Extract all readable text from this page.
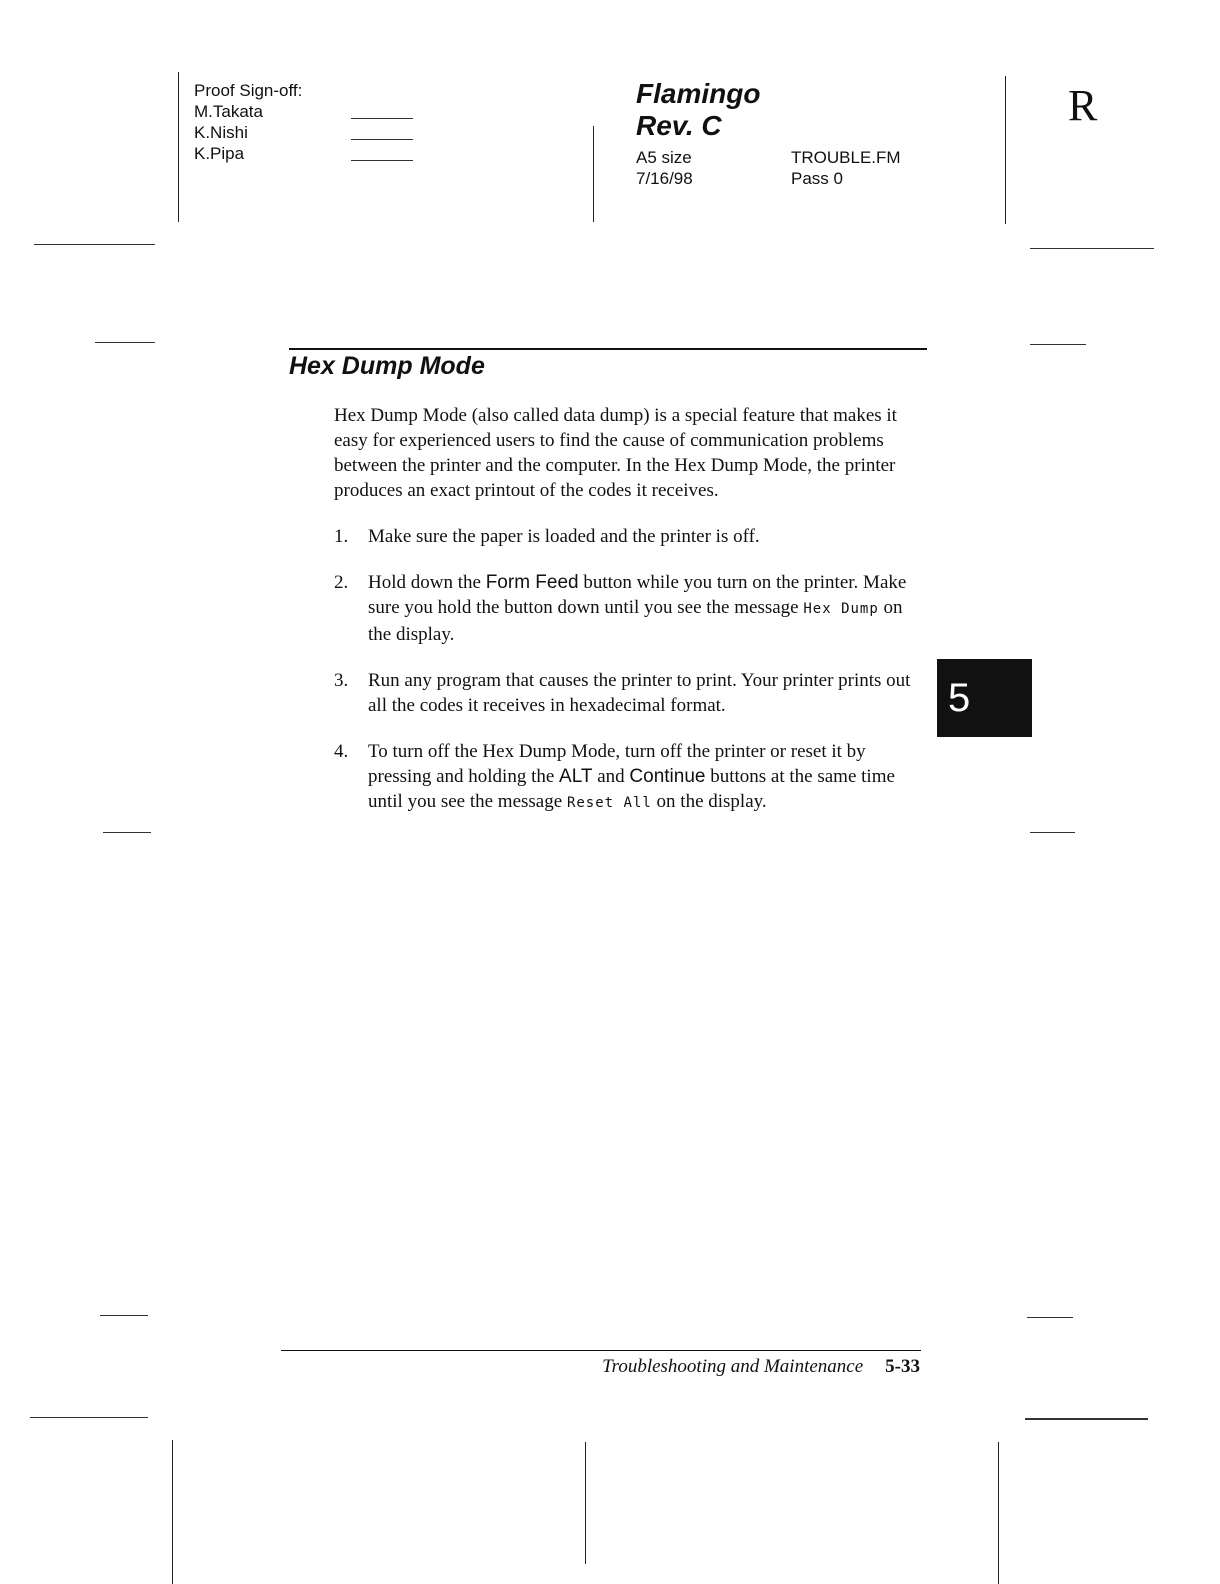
Proof Sign-off:
M.Takata
K.Nishi
K.Pipa
Flamingo
Rev. C
A5 size
7/16/98
TROUBLE.FM
Pass 0
R
Hex Dump Mode

Hex Dump Mode (also called data dump) is a special feature that makes it easy for experienced users to find the cause of communication problems between the printer and the computer. In the Hex Dump Mode, the printer produces an exact printout of the codes it receives.

1. Make sure the paper is loaded and the printer is off.
2. Hold down the Form Feed button while you turn on the printer. Make sure you hold the button down until you see the message Hex Dump on the display.
3. Run any program that causes the printer to print. Your printer prints out all the codes it receives in hexadecimal format.
4. To turn off the Hex Dump Mode, turn off the printer or reset it by pressing and holding the ALT and Continue buttons at the same time until you see the message Reset All on the display.
5
Troubleshooting and Maintenance 5-33
